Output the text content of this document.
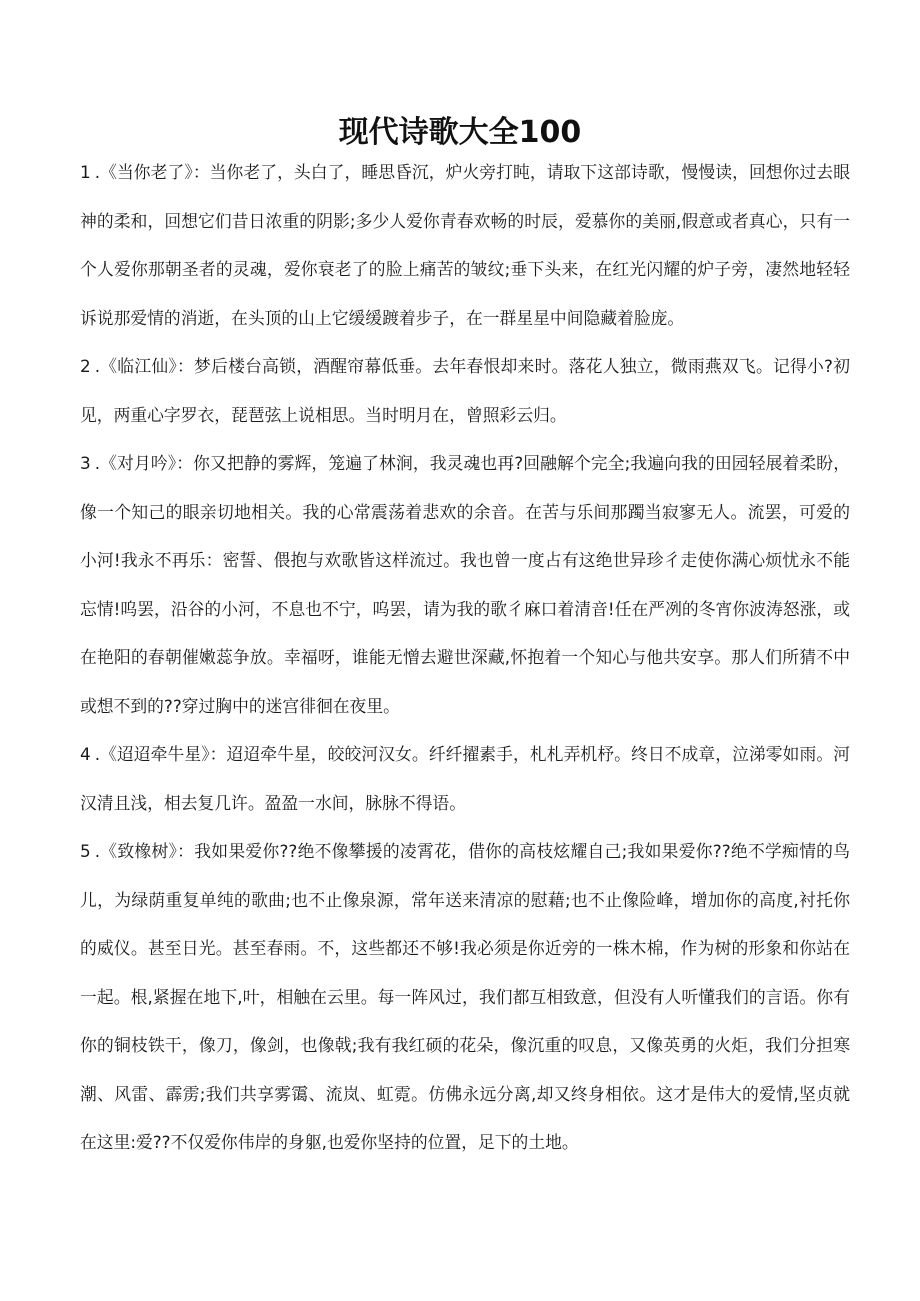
现代诗歌大全100

1 .《当你老了》：当你老了，头白了，睡思昏沉，炉火旁打盹，请取下这部诗歌，慢慢读，回想你过去眼神的柔和，回想它们昔日浓重的阴影;多少人爱你青春欢畅的时辰，爱慕你的美丽,假意或者真心，只有一个人爱你那朝圣者的灵魂，爱你衰老了的脸上痛苦的皱纹;垂下头来，在红光闪耀的炉子旁，凄然地轻轻诉说那爱情的消逝，在头顶的山上它缓缓踱着步子，在一群星星中间隐藏着脸庞。

2 .《临江仙》：梦后楼台高锁，酒醒帘幕低垂。去年春恨却来时。落花人独立，微雨燕双飞。记得小?初见，两重心字罗衣，琵琶弦上说相思。当时明月在，曾照彩云归。

3 .《对月吟》：你又把静的雾辉，笼遍了林涧，我灵魂也再?回融解个完全;我遍向我的田园轻展着柔盼，像一个知己的眼亲切地相关。我的心常震荡着悲欢的余音。在苦与乐间那躅当寂寥无人。流罢，可爱的小河!我永不再乐：密誓、偎抱与欢歌皆这样流过。我也曾一度占有这绝世异珍彳走使你满心烦忧永不能忘情!呜罢，沿谷的小河，不息也不宁，呜罢，请为我的歌彳麻口着清音!任在严冽的冬宵你波涛怒涨，或在艳阳的春朝催嫩蕊争放。幸福呀，谁能无憎去避世深藏,怀抱着一个知心与他共安享。那人们所猜不中或想不到的??穿过胸中的迷宫徘徊在夜里。

4 .《迢迢牵牛星》：迢迢牵牛星，皎皎河汉女。纤纤擢素手，札札弄机杼。终日不成章，泣涕零如雨。河汉清且浅，相去复几许。盈盈一水间，脉脉不得语。

5 .《致橡树》：我如果爱你??绝不像攀援的凌霄花，借你的高枝炫耀自己;我如果爱你??绝不学痴情的鸟儿，为绿荫重复单纯的歌曲;也不止像泉源，常年送来清凉的慰藉;也不止像险峰，增加你的高度,衬托你的威仪。甚至日光。甚至春雨。不，这些都还不够!我必须是你近旁的一株木棉，作为树的形象和你站在一起。根,紧握在地下,叶，相触在云里。每一阵风过，我们都互相致意，但没有人听懂我们的言语。你有你的铜枝铁干，像刀，像剑，也像戟;我有我红硕的花朵，像沉重的叹息，又像英勇的火炬，我们分担寒潮、风雷、霹雳;我们共享雾霭、流岚、虹霓。仿佛永远分离,却又终身相依。这才是伟大的爱情,坚贞就在这里:爱??不仅爱你伟岸的身躯,也爱你坚持的位置，足下的土地。
